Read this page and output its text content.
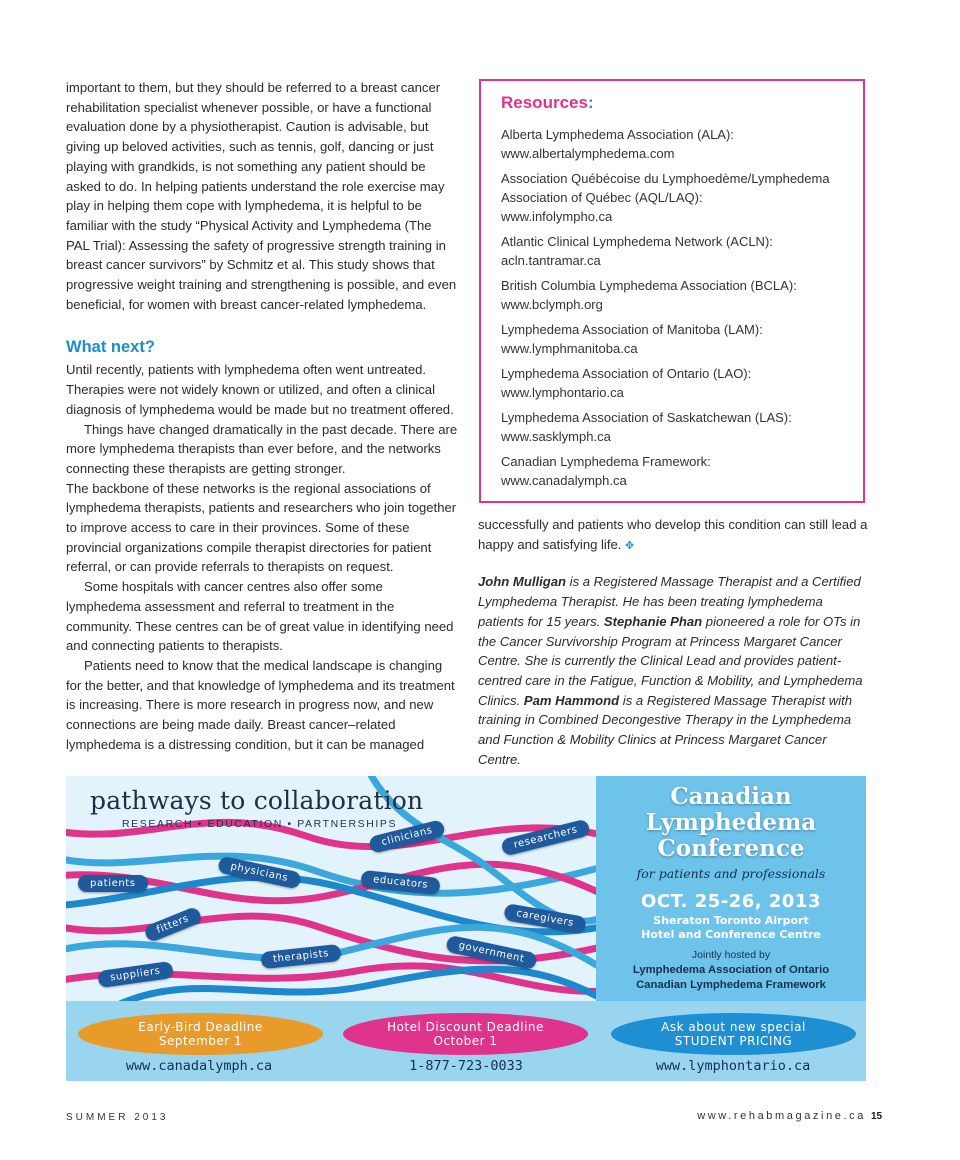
important to them, but they should be referred to a breast cancer rehabilitation specialist whenever possible, or have a functional evaluation done by a physiotherapist. Caution is advisable, but giving up beloved activities, such as tennis, golf, dancing or just playing with grandkids, is not something any patient should be asked to do. In helping patients understand the role exercise may play in helping them cope with lymphedema, it is helpful to be familiar with the study “Physical Activity and Lymphedema (The PAL Trial): Assessing the safety of progressive strength training in breast cancer survivors” by Schmitz et al. This study shows that progressive weight training and strengthening is possible, and even beneficial, for women with breast cancer-related lymphedema.

What next?

Until recently, patients with lymphedema often went untreated. Therapies were not widely known or utilized, and often a clinical diagnosis of lymphedema would be made but no treatment offered.

Things have changed dramatically in the past decade. There are more lymphedema therapists than ever before, and the networks connecting these therapists are getting stronger.

The backbone of these networks is the regional associations of lymphedema therapists, patients and researchers who join together to improve access to care in their provinces. Some of these provincial organizations compile therapist directories for patient referral, or can provide referrals to therapists on request.

Some hospitals with cancer centres also offer some lymphedema assessment and referral to treatment in the community. These centres can be of great value in identifying need and connecting patients to therapists.

Patients need to know that the medical landscape is changing for the better, and that knowledge of lymphedema and its treatment is increasing. There is more research in progress now, and new connections are being made daily. Breast cancer–related lymphedema is a distressing condition, but it can be managed

Resources:
Alberta Lymphedema Association (ALA):
www.albertalymphedema.com
Association Québécoise du Lymphoedème/Lymphedema
Association of Québec (AQL/LAQ):
www.infolympho.ca
Atlantic Clinical Lymphedema Network (ACLN):
acln.tantramar.ca
British Columbia Lymphedema Association (BCLA):
www.bclymph.org
Lymphedema Association of Manitoba (LAM):
www.lymphmanitoba.ca
Lymphedema Association of Ontario (LAO):
www.lymphontario.ca
Lymphedema Association of Saskatchewan (LAS):
www.sasklymph.ca
Canadian Lymphedema Framework:
www.canadalymph.ca

successfully and patients who develop this condition can still lead a happy and satisfying life. ✥

John Mulligan is a Registered Massage Therapist and a Certified Lymphedema Therapist. He has been treating lymphedema patients for 15 years. Stephanie Phan pioneered a role for OTs in the Cancer Survivorship Program at Princess Margaret Cancer Centre. She is currently the Clinical Lead and provides patient-centred care in the Fatigue, Function & Mobility, and Lymphedema Clinics. Pam Hammond is a Registered Massage Therapist with training in Combined Decongestive Therapy in the Lymphedema and Function & Mobility Clinics at Princess Margaret Cancer Centre.

pathways to collaboration
RESEARCH • EDUCATION • PARTNERSHIPS
clinicians	researchers
physicians
patients	educators
caregivers
fitters
government
therapists
suppliers
Canadian
Lymphedema
Conference
for patients and professionals
OCT. 25-26, 2013
Sheraton Toronto Airport
Hotel and Conference Centre
Jointly hosted by
Lymphedema Association of Ontario
Canadian Lymphedema Framework
Early-Bird Deadline
September 1
Hotel Discount Deadline
October 1
Ask about new special
STUDENT PRICING
www.canadalymph.ca	1-877-723-0033	www.lymphontario.ca
SUMMER 2013	www.rehabmagazine.ca 15
